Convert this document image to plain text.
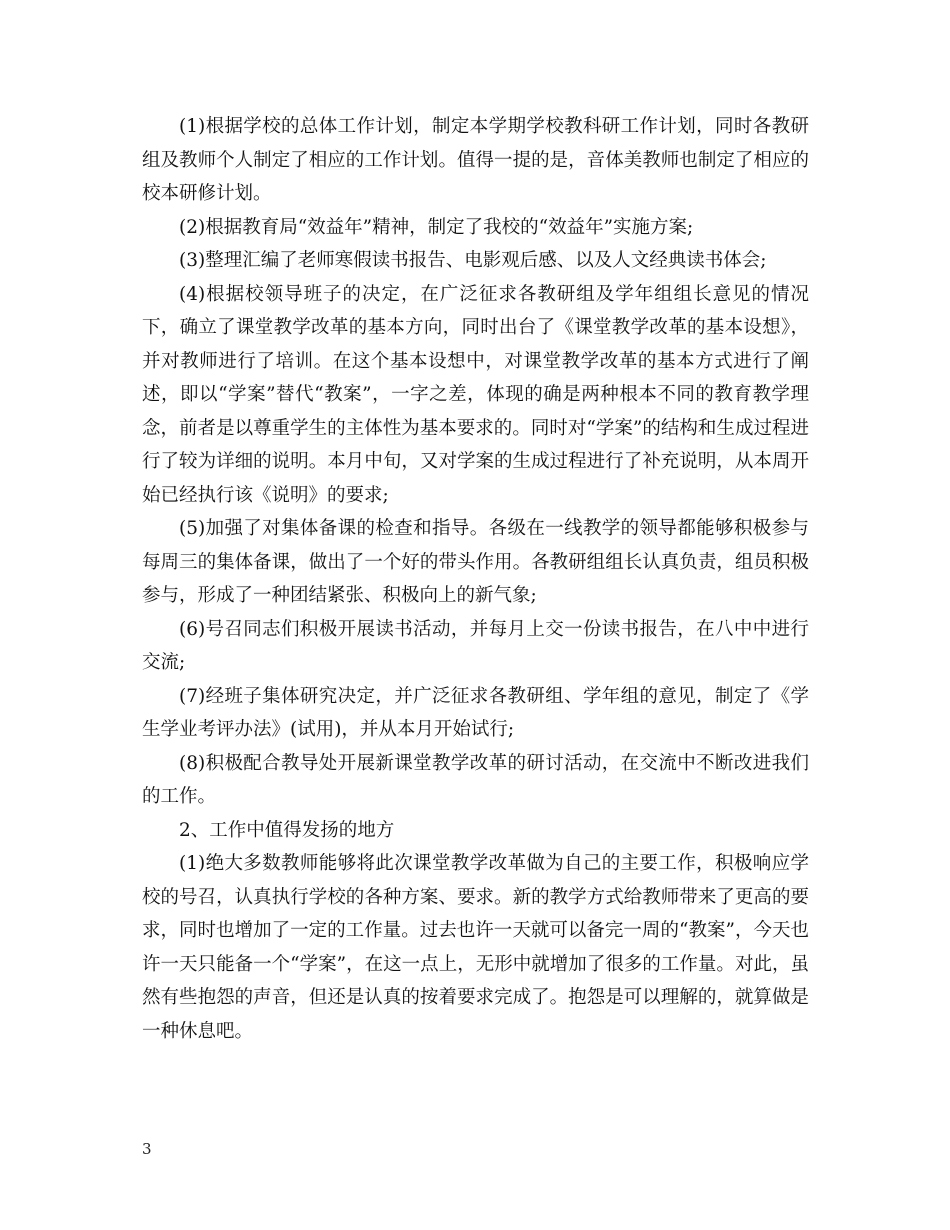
(1)根据学校的总体工作计划，制定本学期学校教科研工作计划，同时各教研组及教师个人制定了相应的工作计划。值得一提的是，音体美教师也制定了相应的校本研修计划。

(2)根据教育局“效益年”精神，制定了我校的“效益年”实施方案;

(3)整理汇编了老师寒假读书报告、电影观后感、以及人文经典读书体会;

(4)根据校领导班子的决定，在广泛征求各教研组及学年组组长意见的情况下，确立了课堂教学改革的基本方向，同时出台了《课堂教学改革的基本设想》，并对教师进行了培训。在这个基本设想中，对课堂教学改革的基本方式进行了阐述，即以“学案”替代“教案”，一字之差，体现的确是两种根本不同的教育教学理念，前者是以尊重学生的主体性为基本要求的。同时对“学案”的结构和生成过程进行了较为详细的说明。本月中旬，又对学案的生成过程进行了补充说明，从本周开始已经执行该《说明》的要求;

(5)加强了对集体备课的检查和指导。各级在一线教学的领导都能够积极参与每周三的集体备课，做出了一个好的带头作用。各教研组组长认真负责，组员积极参与，形成了一种团结紧张、积极向上的新气象;

(6)号召同志们积极开展读书活动，并每月上交一份读书报告，在八中中进行交流;

(7)经班子集体研究决定，并广泛征求各教研组、学年组的意见，制定了《学生学业考评办法》(试用)，并从本月开始试行;

(8)积极配合教导处开展新课堂教学改革的研讨活动，在交流中不断改进我们的工作。

2、工作中值得发扬的地方

(1)绝大多数教师能够将此次课堂教学改革做为自己的主要工作，积极响应学校的号召，认真执行学校的各种方案、要求。新的教学方式给教师带来了更高的要求，同时也增加了一定的工作量。过去也许一天就可以备完一周的“教案”，今天也许一天只能备一个“学案”，在这一点上，无形中就增加了很多的工作量。对此，虽然有些抱怨的声音，但还是认真的按着要求完成了。抱怨是可以理解的，就算做是一种休息吧。

3
